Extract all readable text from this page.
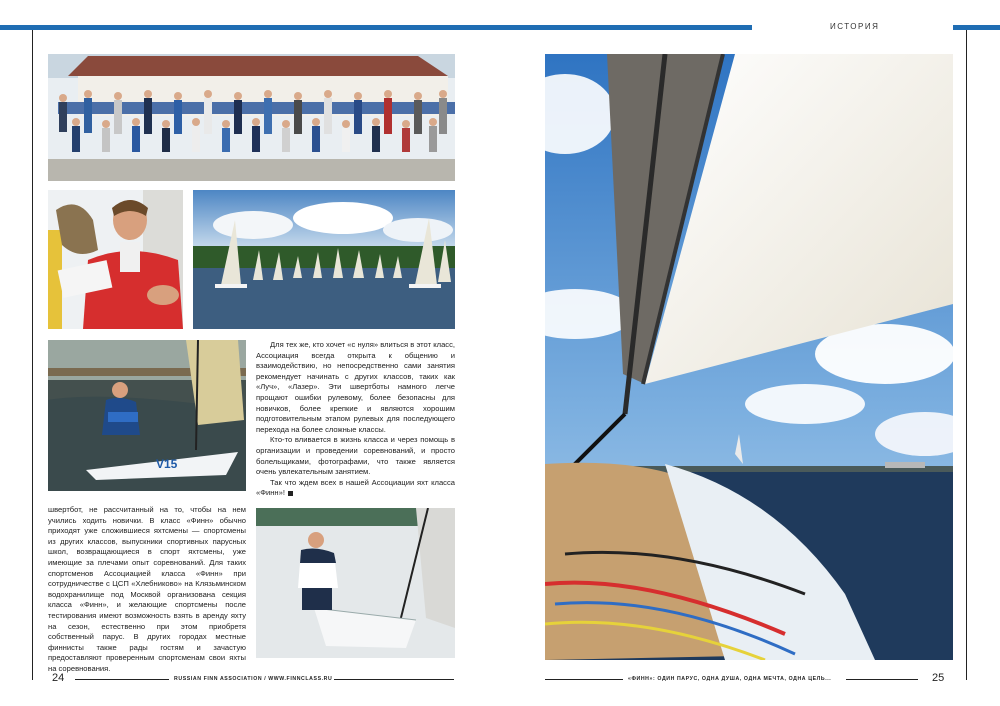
ИСТОРИЯ
V15

Для тех же, кто хочет «с нуля» влиться в этот класс, Ассоциация всегда открыта к общению и взаимодействию, но непосредственно сами занятия рекомендует начинать с других классов, таких как «Луч», «Лазер». Эти швертботы намного легче прощают ошибки рулевому, более безопасны для новичков, более крепкие и являются хорошим подготовительным этапом рулевых для последующего перехода на более сложные классы.

Кто-то вливается в жизнь класса и через помощь в организации и проведении соревнований, и просто болельщиками, фотографами, что также является очень увлекательным занятием.

Так что ждем всех в нашей Ассоциации яхт класса «Финн»!

швертбот, не рассчитанный на то, чтобы на нем учились ходить новички. В класс «Финн» обычно приходят уже сложившиеся яхтсмены — спортсмены из других классов, выпускники спортивных парусных школ, возвращающиеся в спорт яхтсмены, уже имеющие за плечами опыт соревнований. Для таких спортсменов Ассоциацией класса «Финн» при сотрудничестве с ЦСП «Хлебниково» на Клязьминском водохранилище под Москвой организована секция класса «Финн», и желающие спортсмены после тестирования имеют возможность взять в аренду яхту на сезон, естественно при этом приобретя собственный парус. В других городах местные финнисты также рады гостям и зачастую предоставляют проверенным спортсменам свои яхты на соревнования.

24	RUSSIAN FINN ASSOCIATION / WWW.FINNCLASS.RU	«ФИНН»: ОДИН ПАРУС, ОДНА ДУША, ОДНА МЕЧТА, ОДНА ЦЕЛЬ...	25
